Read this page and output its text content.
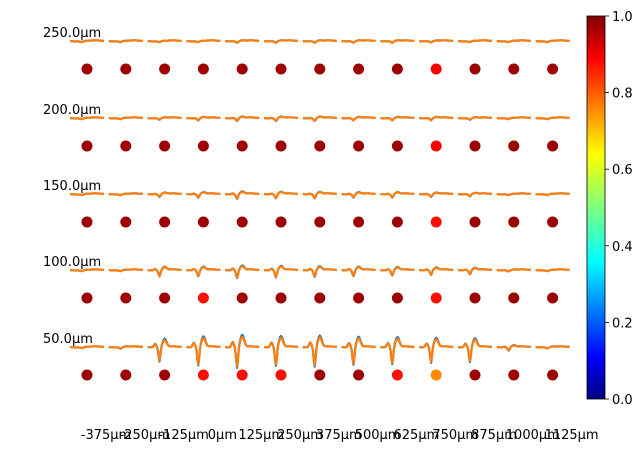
50.0µm
100.0µm
150.0µm
200.0µm
250.0µm
-375µm
-250µm
-125µm
0µm 125µm
250µm
375µm
500µm
625µm
750µm
875µm
1000µm
1125µm
0.0
0.2
0.4
0.6
0.8
1.0
